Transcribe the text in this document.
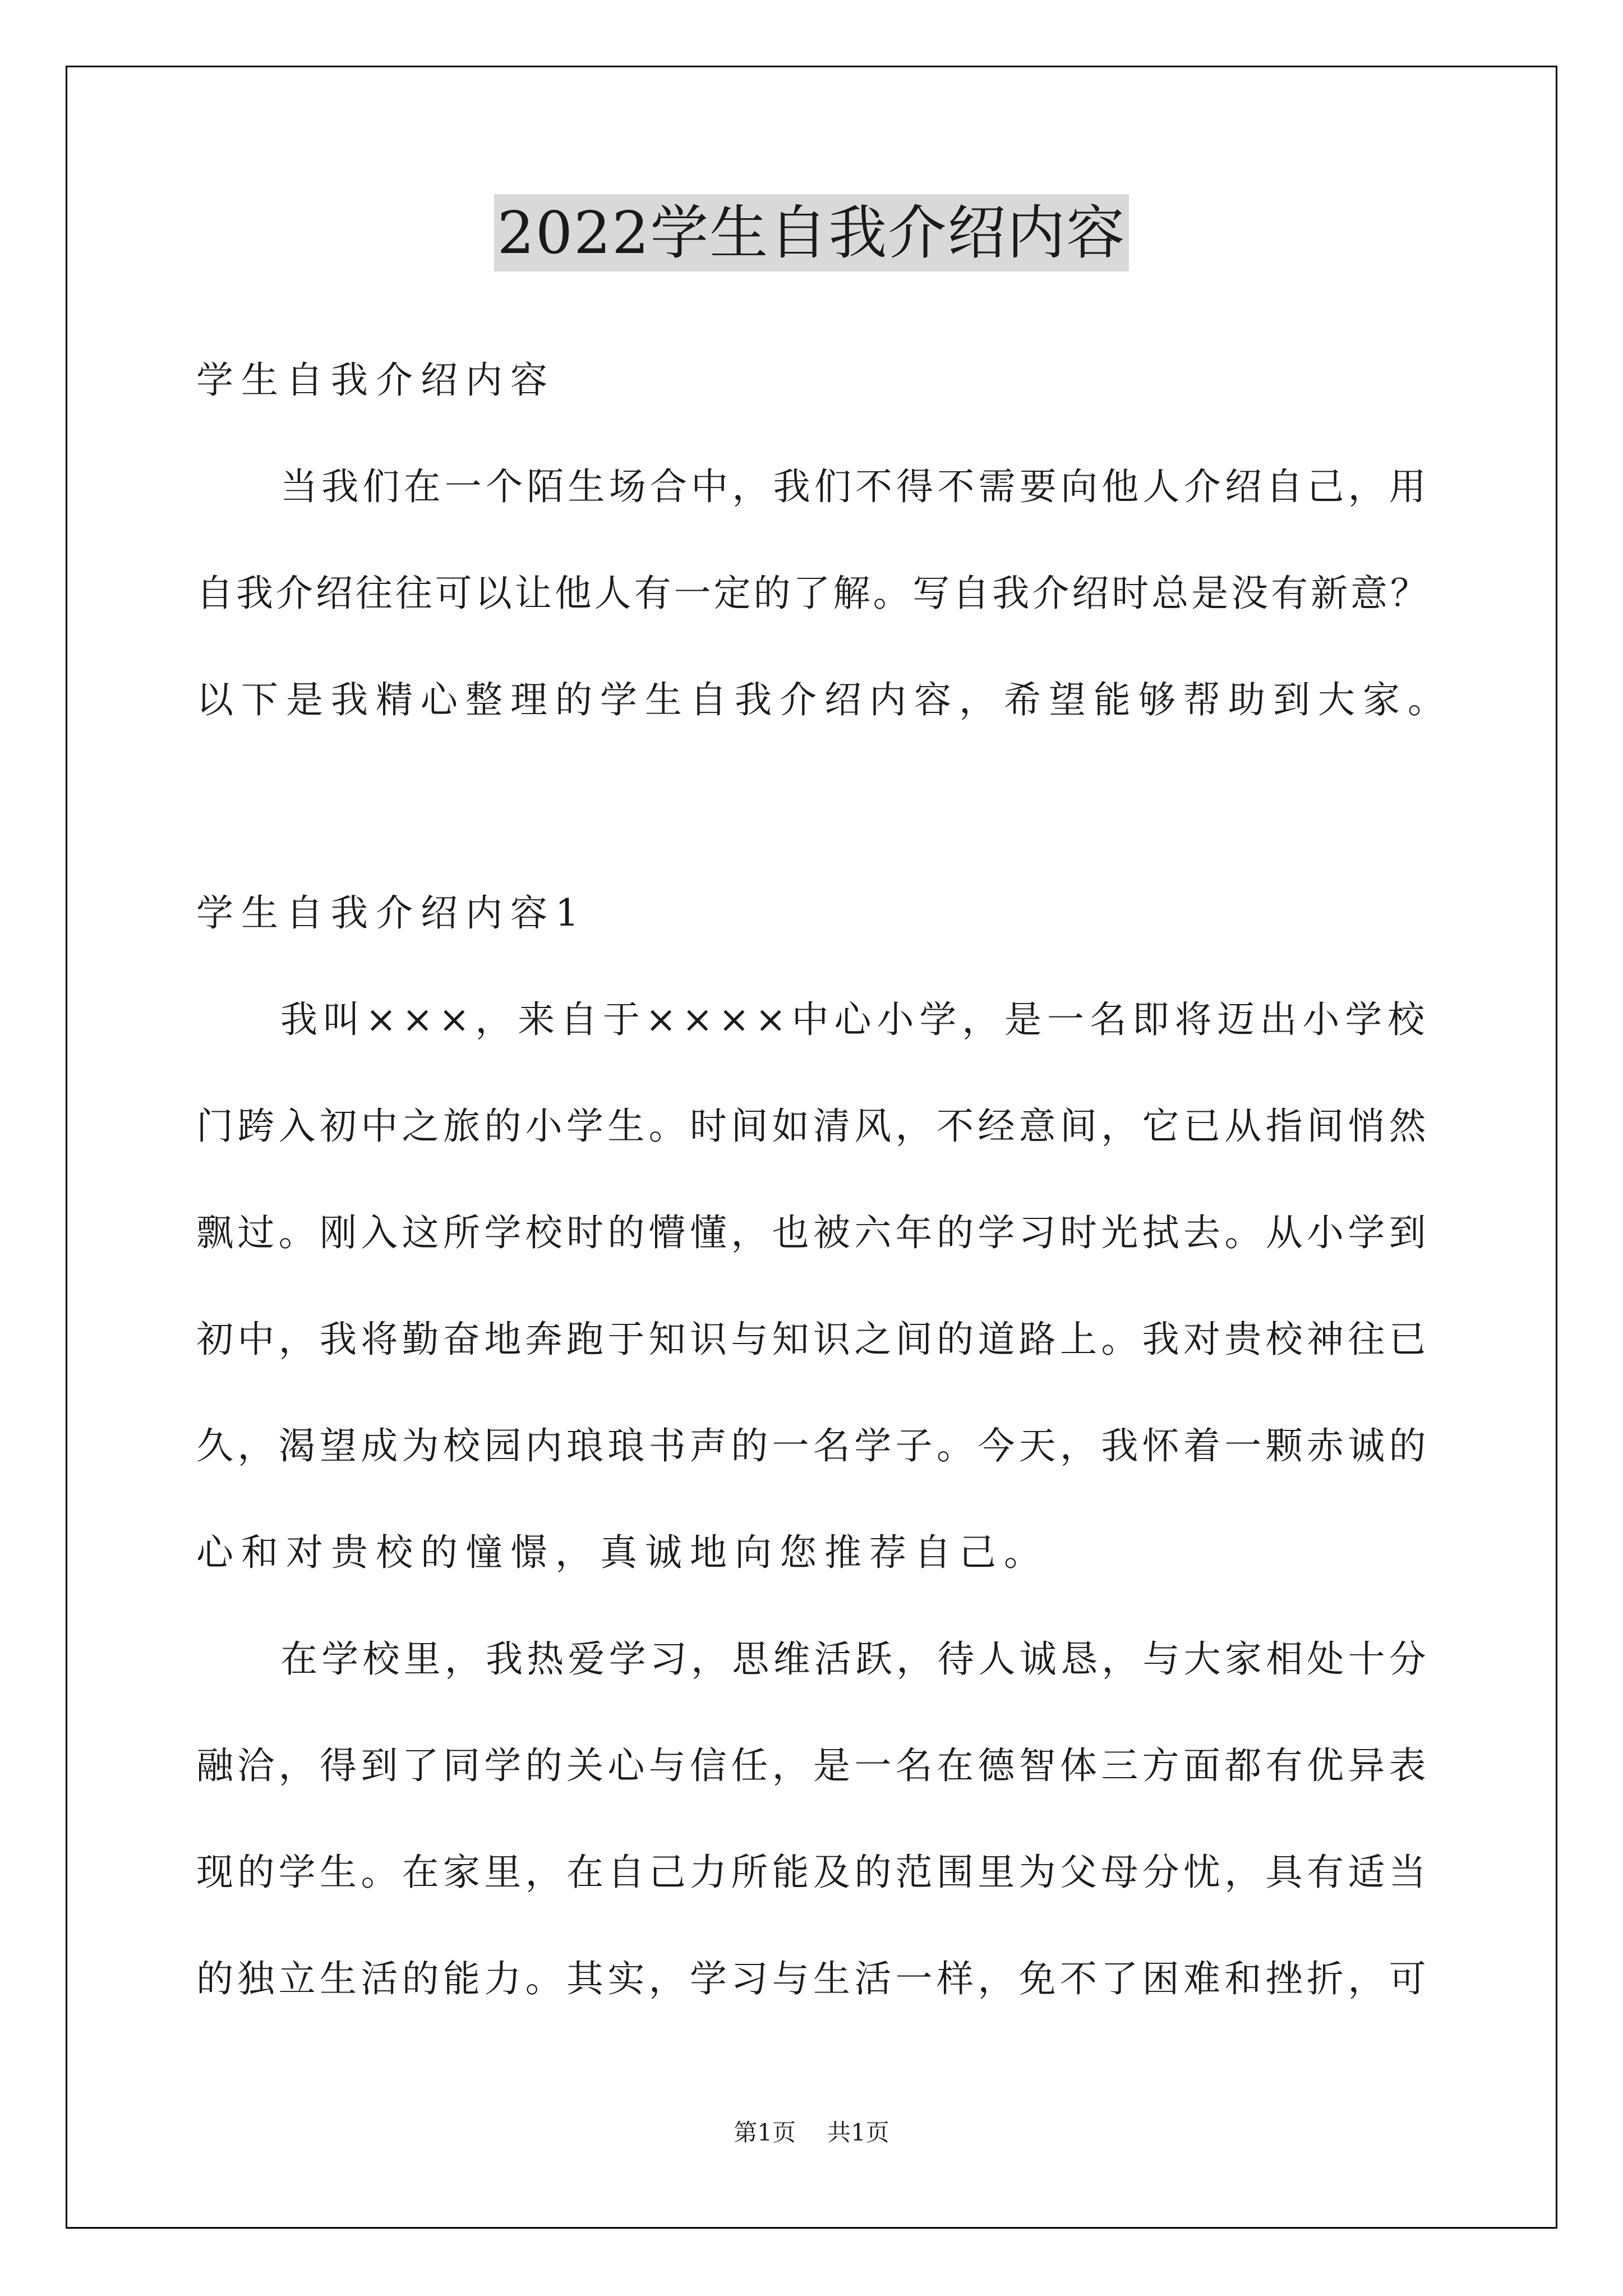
2022学生自我介绍内容
学生自我介绍内容
当我们在一个陌生场合中，我们不得不需要向他人介绍自己，用
自我介绍往往可以让他人有一定的了解。写自我介绍时总是没有新意？
以下是我精心整理的学生自我介绍内容，希望能够帮助到大家。
学生自我介绍内容1
我叫×××，来自于××××中心小学，是一名即将迈出小学校
门跨入初中之旅的小学生。时间如清风，不经意间，它已从指间悄然
飘过。刚入这所学校时的懵懂，也被六年的学习时光拭去。从小学到
初中，我将勤奋地奔跑于知识与知识之间的道路上。我对贵校神往已
久，渴望成为校园内琅琅书声的一名学子。今天，我怀着一颗赤诚的
心和对贵校的憧憬，真诚地向您推荐自己。
在学校里，我热爱学习，思维活跃，待人诚恳，与大家相处十分
融洽，得到了同学的关心与信任，是一名在德智体三方面都有优异表
现的学生。在家里，在自己力所能及的范围里为父母分忧，具有适当
的独立生活的能力。其实，学习与生活一样，免不了困难和挫折，可
第1页 共1页
